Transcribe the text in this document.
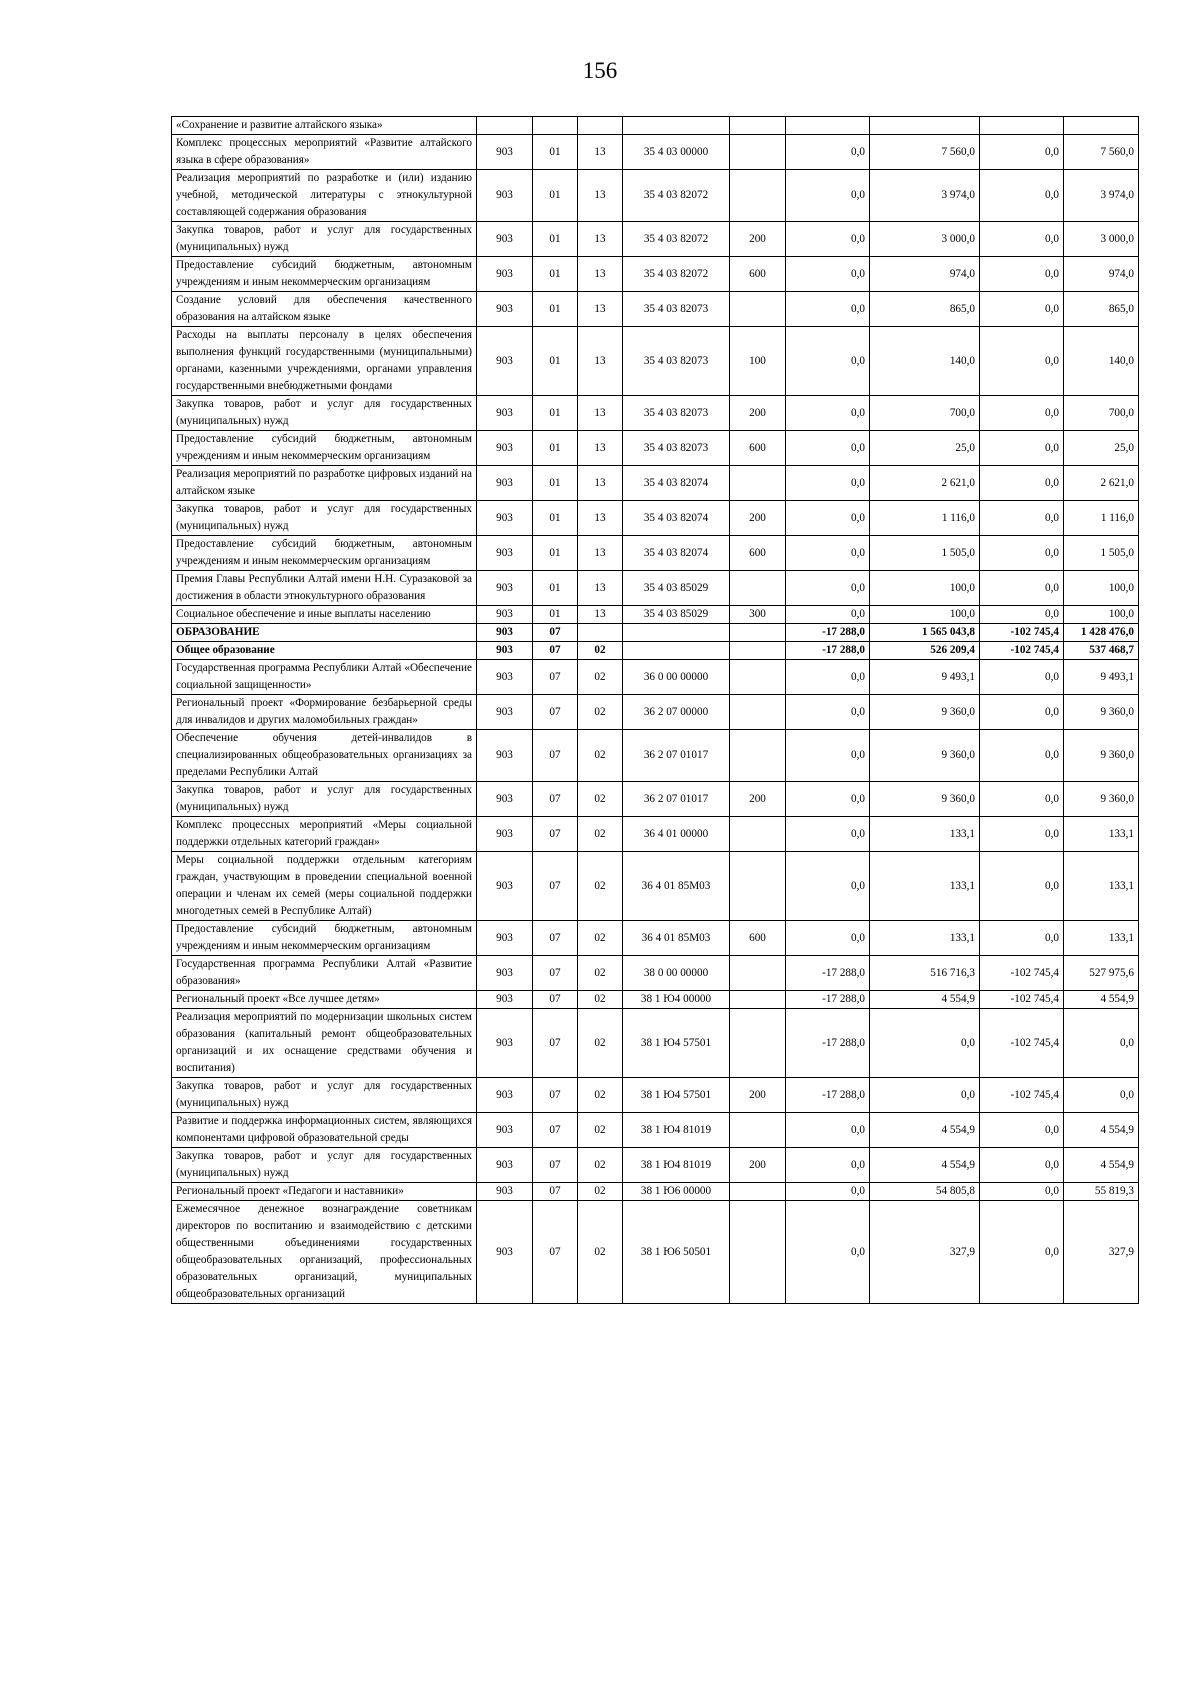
156
«Сохранение и развитие алтайского языка»									
Комплекс процессных мероприятий «Развитие алтайского языка в сфере образования»	903	01	13	35 4 03 00000		0,0	7 560,0	0,0	7 560,0
Реализация мероприятий по разработке и (или) изданию учебной, методической литературы с этнокультурной составляющей содержания образования	903	01	13	35 4 03 82072		0,0	3 974,0	0,0	3 974,0
Закупка товаров, работ и услуг для государственных (муниципальных) нужд	903	01	13	35 4 03 82072	200	0,0	3 000,0	0,0	3 000,0
Предоставление субсидий бюджетным, автономным учреждениям и иным некоммерческим организациям	903	01	13	35 4 03 82072	600	0,0	974,0	0,0	974,0
Создание условий для обеспечения качественного образования на алтайском языке	903	01	13	35 4 03 82073		0,0	865,0	0,0	865,0
Расходы на выплаты персоналу в целях обеспечения выполнения функций государственными (муниципальными) органами, казенными учреждениями, органами управления государственными внебюджетными фондами	903	01	13	35 4 03 82073	100	0,0	140,0	0,0	140,0
Закупка товаров, работ и услуг для государственных (муниципальных) нужд	903	01	13	35 4 03 82073	200	0,0	700,0	0,0	700,0
Предоставление субсидий бюджетным, автономным учреждениям и иным некоммерческим организациям	903	01	13	35 4 03 82073	600	0,0	25,0	0,0	25,0
Реализация мероприятий по разработке цифровых изданий на алтайском языке	903	01	13	35 4 03 82074		0,0	2 621,0	0,0	2 621,0
Закупка товаров, работ и услуг для государственных (муниципальных) нужд	903	01	13	35 4 03 82074	200	0,0	1 116,0	0,0	1 116,0
Предоставление субсидий бюджетным, автономным учреждениям и иным некоммерческим организациям	903	01	13	35 4 03 82074	600	0,0	1 505,0	0,0	1 505,0
Премия Главы Республики Алтай имени Н.Н. Суразаковой за достижения в области этнокультурного образования	903	01	13	35 4 03 85029		0,0	100,0	0,0	100,0
Социальное обеспечение и иные выплаты населению	903	01	13	35 4 03 85029	300	0,0	100,0	0,0	100,0
ОБРАЗОВАНИЕ	903	07				-17 288,0	1 565 043,8	-102 745,4	1 428 476,0
Общее образование	903	07	02			-17 288,0	526 209,4	-102 745,4	537 468,7
Государственная программа Республики Алтай «Обеспечение социальной защищенности»	903	07	02	36 0 00 00000		0,0	9 493,1	0,0	9 493,1
Региональный проект «Формирование безбарьерной среды для инвалидов и других маломобильных граждан»	903	07	02	36 2 07 00000		0,0	9 360,0	0,0	9 360,0
Обеспечение обучения детей-инвалидов в специализированных общеобразовательных организациях за пределами Республики Алтай	903	07	02	36 2 07 01017		0,0	9 360,0	0,0	9 360,0
Закупка товаров, работ и услуг для государственных (муниципальных) нужд	903	07	02	36 2 07 01017	200	0,0	9 360,0	0,0	9 360,0
Комплекс процессных мероприятий «Меры социальной поддержки отдельных категорий граждан»	903	07	02	36 4 01 00000		0,0	133,1	0,0	133,1
Меры социальной поддержки отдельным категориям граждан, участвующим в проведении специальной военной операции и членам их семей (меры социальной поддержки многодетных семей в Республике Алтай)	903	07	02	36 4 01 85М03		0,0	133,1	0,0	133,1
Предоставление субсидий бюджетным, автономным учреждениям и иным некоммерческим организациям	903	07	02	36 4 01 85М03	600	0,0	133,1	0,0	133,1
Государственная программа Республики Алтай «Развитие образования»	903	07	02	38 0 00 00000		-17 288,0	516 716,3	-102 745,4	527 975,6
Региональный проект «Все лучшее детям»	903	07	02	38 1 Ю4 00000		-17 288,0	4 554,9	-102 745,4	4 554,9
Реализация мероприятий по модернизации школьных систем образования (капитальный ремонт общеобразовательных организаций и их оснащение средствами обучения и воспитания)	903	07	02	38 1 Ю4 57501		-17 288,0	0,0	-102 745,4	0,0
Закупка товаров, работ и услуг для государственных (муниципальных) нужд	903	07	02	38 1 Ю4 57501	200	-17 288,0	0,0	-102 745,4	0,0
Развитие и поддержка информационных систем, являющихся компонентами цифровой образовательной среды	903	07	02	38 1 Ю4 81019		0,0	4 554,9	0,0	4 554,9
Закупка товаров, работ и услуг для государственных (муниципальных) нужд	903	07	02	38 1 Ю4 81019	200	0,0	4 554,9	0,0	4 554,9
Региональный проект «Педагоги и наставники»	903	07	02	38 1 Ю6 00000		0,0	54 805,8	0,0	55 819,3
Ежемесячное денежное вознаграждение советникам директоров по воспитанию и взаимодействию с детскими общественными объединениями государственных общеобразовательных организаций, профессиональных образовательных организаций, муниципальных общеобразовательных организаций	903	07	02	38 1 Ю6 50501		0,0	327,9	0,0	327,9
